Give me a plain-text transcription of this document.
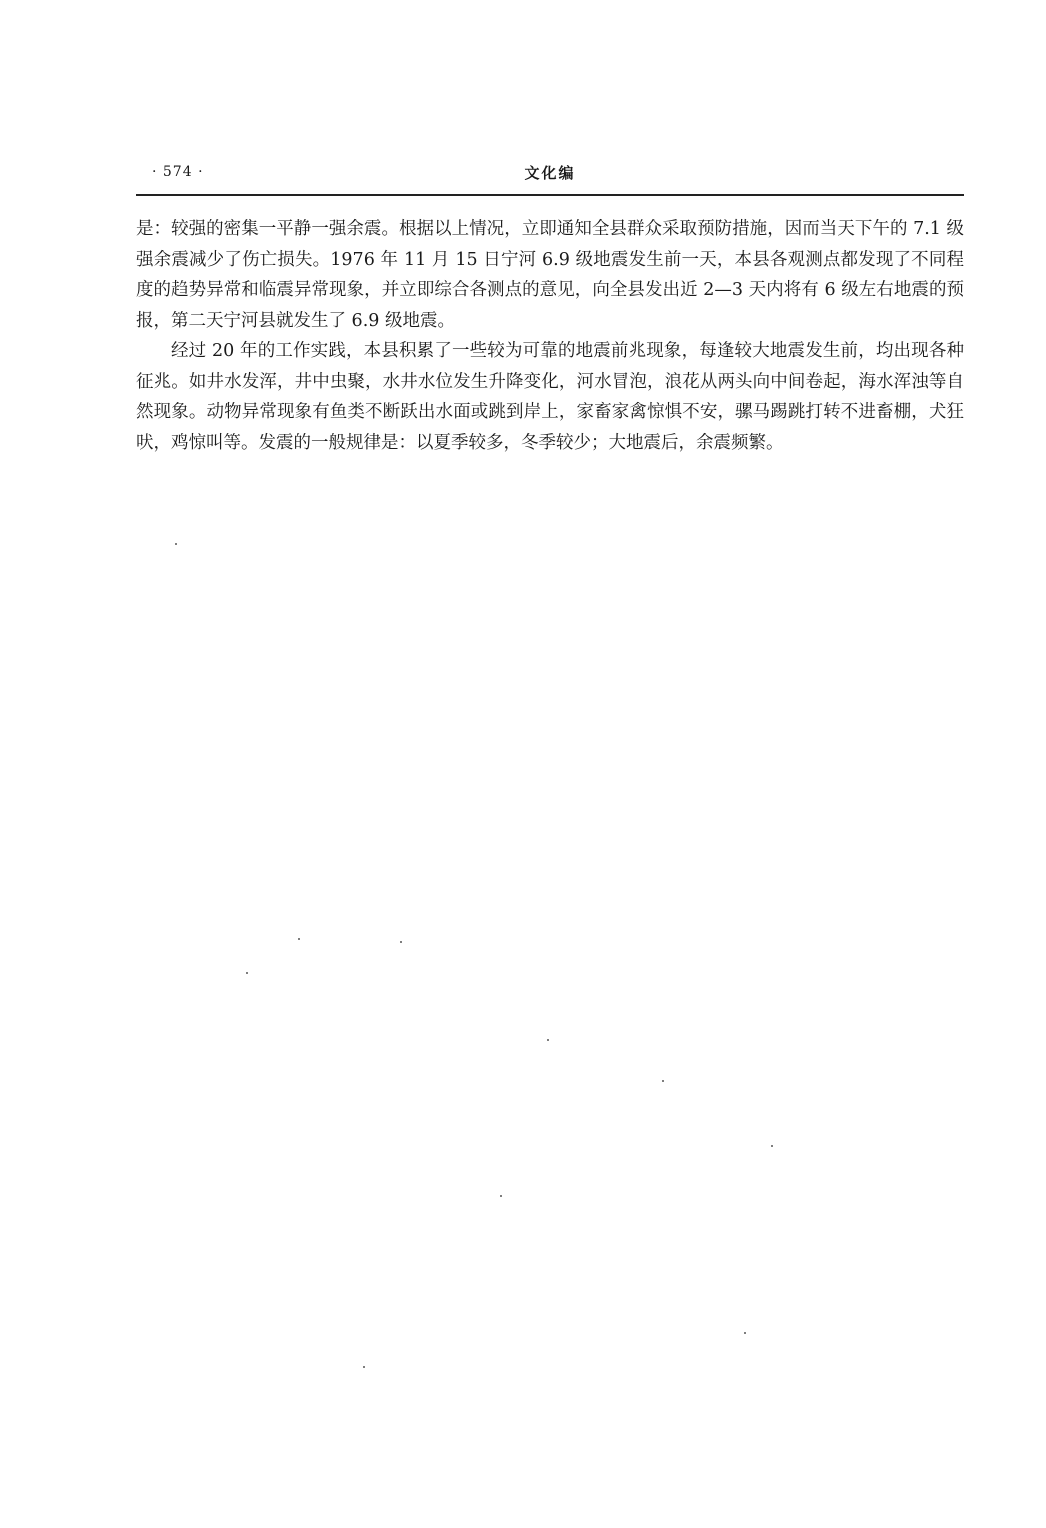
· 574 ·	文化编

是：较强的密集一平静一强余震。根据以上情况，立即通知全县群众采取预防措施，因而当天下午的 7.1 级强余震减少了伤亡损失。1976 年 11 月 15 日宁河 6.9 级地震发生前一天，本县各观测点都发现了不同程度的趋势异常和临震异常现象，并立即综合各测点的意见，向全县发出近 2—3 天内将有 6 级左右地震的预报，第二天宁河县就发生了 6.9 级地震。

经过 20 年的工作实践，本县积累了一些较为可靠的地震前兆现象，每逢较大地震发生前，均出现各种征兆。如井水发浑，井中虫聚，水井水位发生升降变化，河水冒泡，浪花从两头向中间卷起，海水浑浊等自然现象。动物异常现象有鱼类不断跃出水面或跳到岸上，家畜家禽惊惧不安，骡马踢跳打转不进畜棚，犬狂吠，鸡惊叫等。发震的一般规律是：以夏季较多，冬季较少；大地震后，余震频繁。
